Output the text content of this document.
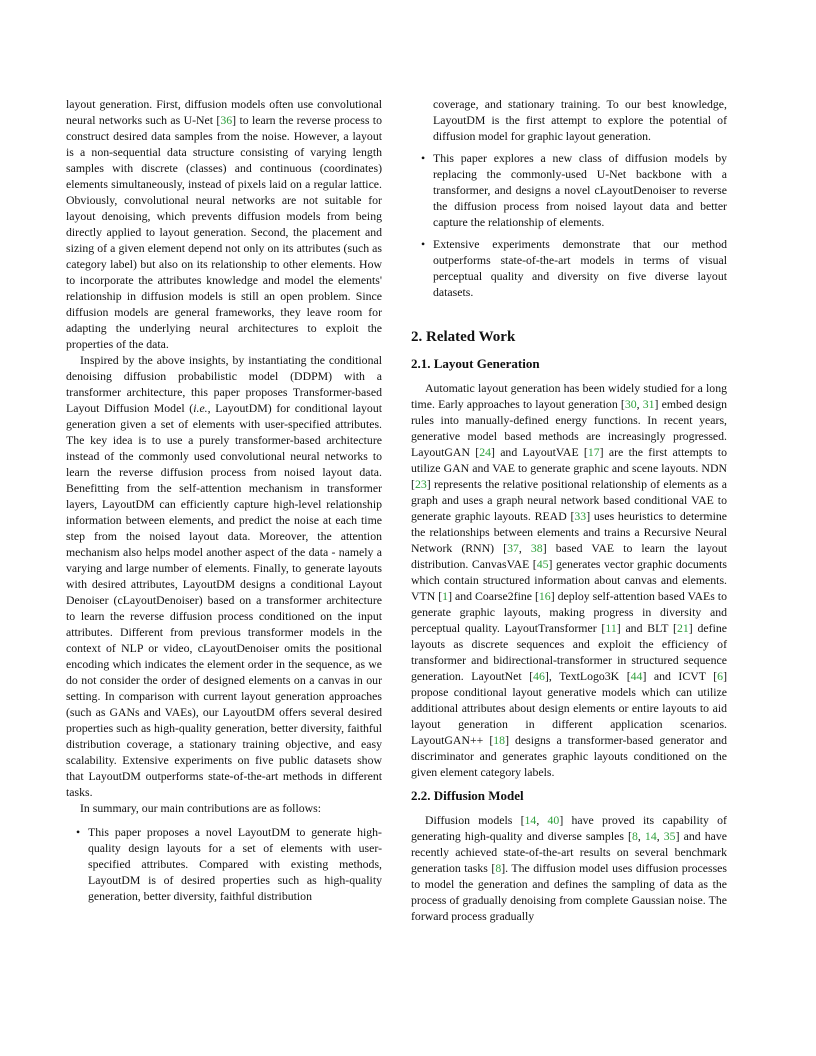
layout generation. First, diffusion models often use convolutional neural networks such as U-Net [36] to learn the reverse process to construct desired data samples from the noise. However, a layout is a non-sequential data structure consisting of varying length samples with discrete (classes) and continuous (coordinates) elements simultaneously, instead of pixels laid on a regular lattice. Obviously, convolutional neural networks are not suitable for layout denoising, which prevents diffusion models from being directly applied to layout generation. Second, the placement and sizing of a given element depend not only on its attributes (such as category label) but also on its relationship to other elements. How to incorporate the attributes knowledge and model the elements' relationship in diffusion models is still an open problem. Since diffusion models are general frameworks, they leave room for adapting the underlying neural architectures to exploit the properties of the data.

Inspired by the above insights, by instantiating the conditional denoising diffusion probabilistic model (DDPM) with a transformer architecture, this paper proposes Transformer-based Layout Diffusion Model (i.e., LayoutDM) for conditional layout generation given a set of elements with user-specified attributes. The key idea is to use a purely transformer-based architecture instead of the commonly used convolutional neural networks to learn the reverse diffusion process from noised layout data. Benefitting from the self-attention mechanism in transformer layers, LayoutDM can efficiently capture high-level relationship information between elements, and predict the noise at each time step from the noised layout data. Moreover, the attention mechanism also helps model another aspect of the data - namely a varying and large number of elements. Finally, to generate layouts with desired attributes, LayoutDM designs a conditional Layout Denoiser (cLayoutDenoiser) based on a transformer architecture to learn the reverse diffusion process conditioned on the input attributes. Different from previous transformer models in the context of NLP or video, cLayoutDenoiser omits the positional encoding which indicates the element order in the sequence, as we do not consider the order of designed elements on a canvas in our setting. In comparison with current layout generation approaches (such as GANs and VAEs), our LayoutDM offers several desired properties such as high-quality generation, better diversity, faithful distribution coverage, a stationary training objective, and easy scalability. Extensive experiments on five public datasets show that LayoutDM outperforms state-of-the-art methods in different tasks.

In summary, our main contributions are as follows:

• This paper proposes a novel LayoutDM to generate high-quality design layouts for a set of elements with user-specified attributes. Compared with existing methods, LayoutDM is of desired properties such as high-quality generation, better diversity, faithful distribution
coverage, and stationary training. To our best knowledge, LayoutDM is the first attempt to explore the potential of diffusion model for graphic layout generation.
• This paper explores a new class of diffusion models by replacing the commonly-used U-Net backbone with a transformer, and designs a novel cLayoutDenoiser to reverse the diffusion process from noised layout data and better capture the relationship of elements.
• Extensive experiments demonstrate that our method outperforms state-of-the-art models in terms of visual perceptual quality and diversity on five diverse layout datasets.
2. Related Work
2.1. Layout Generation

Automatic layout generation has been widely studied for a long time. Early approaches to layout generation [30, 31] embed design rules into manually-defined energy functions. In recent years, generative model based methods are increasingly progressed. LayoutGAN [24] and LayoutVAE [17] are the first attempts to utilize GAN and VAE to generate graphic and scene layouts. NDN [23] represents the relative positional relationship of elements as a graph and uses a graph neural network based conditional VAE to generate graphic layouts. READ [33] uses heuristics to determine the relationships between elements and trains a Recursive Neural Network (RNN) [37, 38] based VAE to learn the layout distribution. CanvasVAE [45] generates vector graphic documents which contain structured information about canvas and elements. VTN [1] and Coarse2fine [16] deploy self-attention based VAEs to generate graphic layouts, making progress in diversity and perceptual quality. LayoutTransformer [11] and BLT [21] define layouts as discrete sequences and exploit the efficiency of transformer and bidirectional-transformer in structured sequence generation. LayoutNet [46], TextLogo3K [44] and ICVT [6] propose conditional layout generative models which can utilize additional attributes about design elements or entire layouts to aid layout generation in different application scenarios. LayoutGAN++ [18] designs a transformer-based generator and discriminator and generates graphic layouts conditioned on the given element category labels.

2.2. Diffusion Model

Diffusion models [14, 40] have proved its capability of generating high-quality and diverse samples [8, 14, 35] and have recently achieved state-of-the-art results on several benchmark generation tasks [8]. The diffusion model uses diffusion processes to model the generation and defines the sampling of data as the process of gradually denoising from complete Gaussian noise. The forward process gradually
